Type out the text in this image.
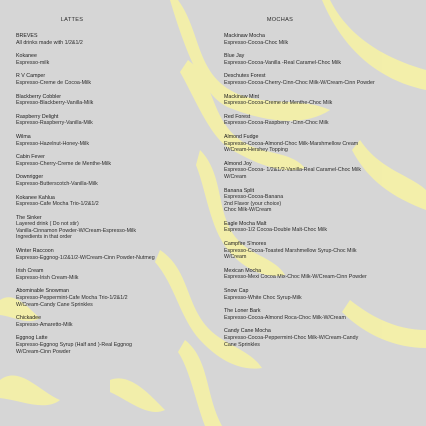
LATTES
BREVES
All drinks made with 1/2&1/2
Kokanee
Espresso-milk
R V Camper
Espresso-Creme de Cocoa-Milk
Blackberry Cobbler
Espresso-Blackberry-Vanilla-Milk
Raspberry Delight
Espresso-Raspberry-Vanilla-Milk
Wilma
Espresso-Hazelnut-Honey-Milk
Cabin Fever
Espresso-Cherry-Creme de Menthe-Milk
Downrigger
Espresso-Butterscotch-Vanilla-Milk
Kokanee Kahlua
Espresso-Cafe Mocha Trio-1/2&1/2
The Sinker
Layered drink ( Do not stir)
Vanilla-Cinnamon Powder-W/Cream-Espresso-Milk
Ingredients in that order
Winter Raccoon
Espresso-Eggnog-1/2&1/2-W/Cream-Cinn Powder-Nutmeg
Irish Cream
Espresso-Irish Cream-Milk
Abominable Snowman
Espresso-Peppermint-Cafe Mocha Trio-1/2&1/2
W/Cream-Candy Cane Sprinkles
Chickadee
Espresso-Amaretto-Milk
Eggnog Latte
Espresso-Eggnog Syrup (Half and )-Real Eggnog
W/Cream-Cinn Powder
MOCHAS
Mackinaw Mocha
Espresso-Cocoa-Choc Milk
Blue Jay
Espresso-Cocoa-Vanilla -Real Caramel-Choc Milk
Deschutes Forest
Espresso-Cocoa-Cherry-Cinn-Choc Milk-W/Cream-Cinn Powder
Mackinaw Mint
Espresso-Cocoa-Creme de Menthe-Choc Milk
Red Forest
Espresso-Cocoa-Raspberry -Cinn-Choc Milk
Almond Fudge
Espresso-Cocoa-Almond-Choc Milk-Marshmellow Cream
W/Cream-Hershey Topping
Almond Joy
Espresso-Cocoa- 1/2&1/2-Vanilla-Real Caramel-Choc Milk
W/Cream
Banana Split
Espresso-Cocoa-Banana
2nd Flavor (your choice)
Choc Milk-W/Cream
Eagle Mocha Malt
Espresso-1/2 Cocoa-Double Malt-Choc Milk
Campfire S'mores
Espresso-Cocoa-Toasted Marshmellow Syrup-Choc Milk
W/Cream
Mexican Mocha
Espresso-Mexi Cocoa Mix-Choc Milk-W/Cream-Cinn Powder
Snow Cap
Espresso-White Choc Syrup-Milk
The Loner Bark
Espresso-Cocoa-Almond Roca-Choc Milk-W/Cream
Candy Cane Mocha
Espresso-Cocoa-Peppermint-Choc Milk-W/Cream-Candy
Cane Sprinkles
